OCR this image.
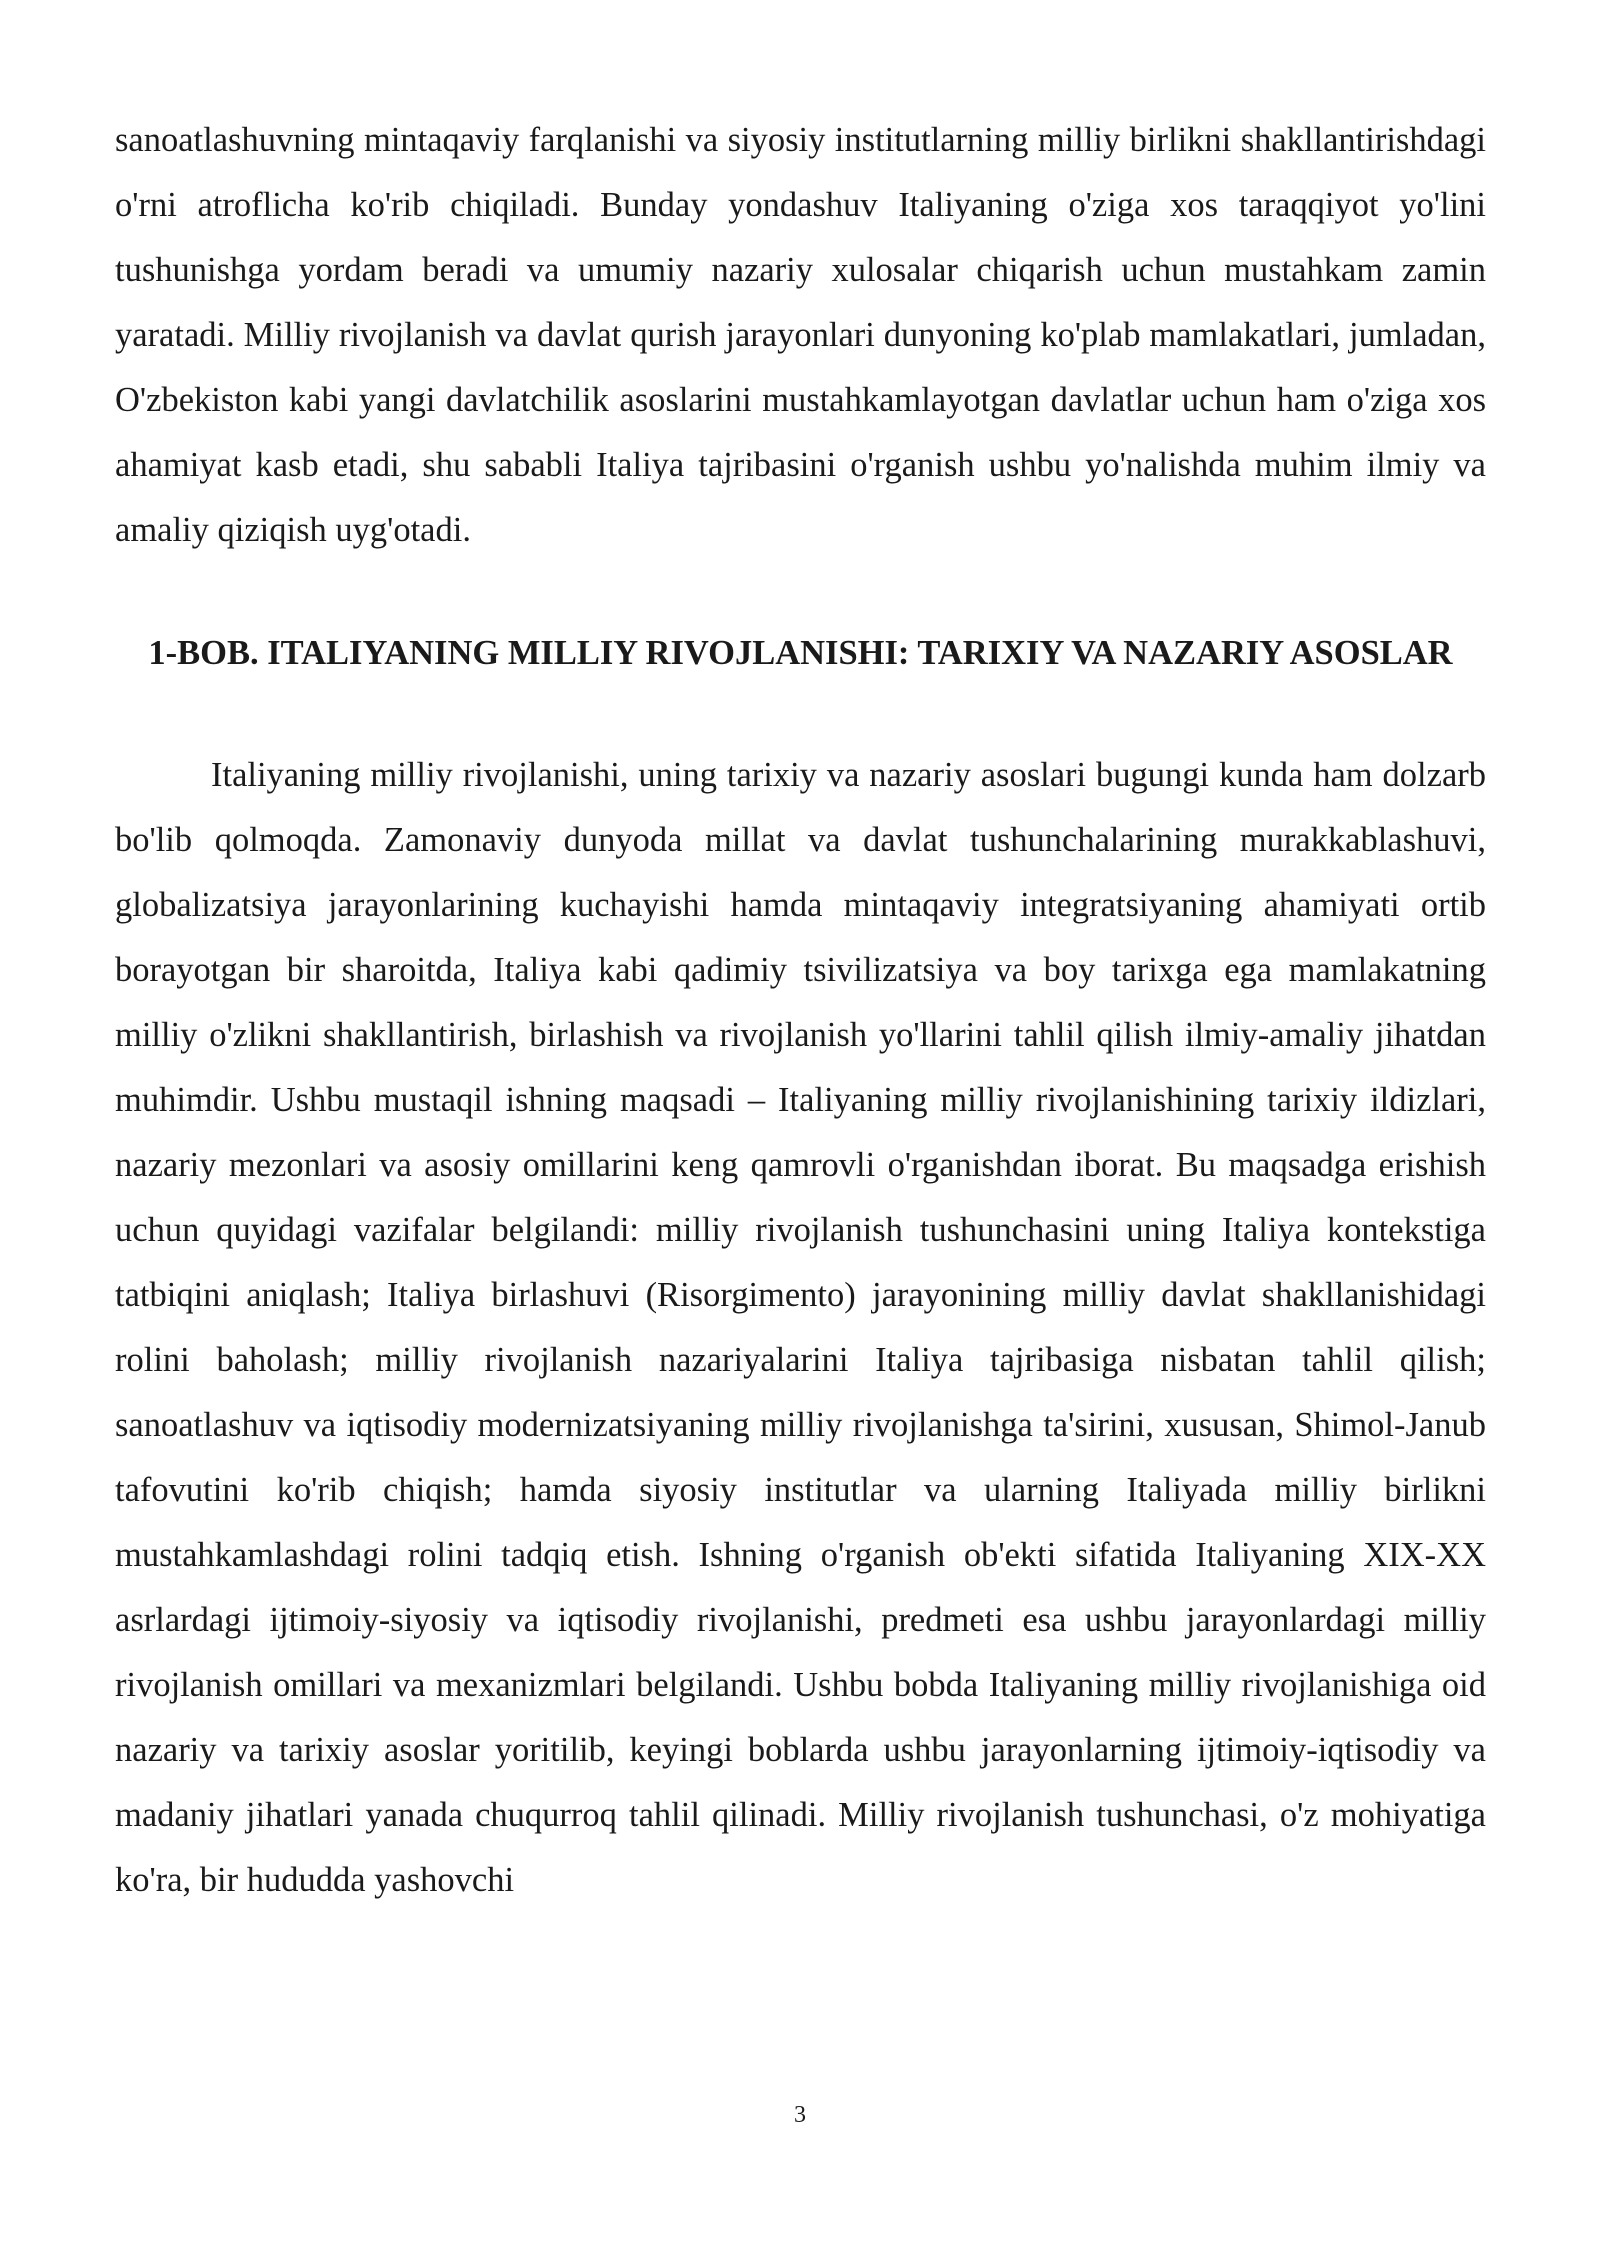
sanoatlashuvning mintaqaviy farqlanishi va siyosiy institutlarning milliy birlikni shakllantirishdagi o'rni atroflicha ko'rib chiqiladi. Bunday yondashuv Italiyaning o'ziga xos taraqqiyot yo'lini tushunishga yordam beradi va umumiy nazariy xulosalar chiqarish uchun mustahkam zamin yaratadi. Milliy rivojlanish va davlat qurish jarayonlari dunyoning ko'plab mamlakatlari, jumladan, O'zbekiston kabi yangi davlatchilik asoslarini mustahkamlayotgan davlatlar uchun ham o'ziga xos ahamiyat kasb etadi, shu sababli Italiya tajribasini o'rganish ushbu yo'nalishda muhim ilmiy va amaliy qiziqish uyg'otadi.

1-BOB. ITALIYANING MILLIY RIVOJLANISHI: TARIXIY VA NAZARIY ASOSLAR

Italiyaning milliy rivojlanishi, uning tarixiy va nazariy asoslari bugungi kunda ham dolzarb bo'lib qolmoqda. Zamonaviy dunyoda millat va davlat tushunchalarining murakkablashuvi, globalizatsiya jarayonlarining kuchayishi hamda mintaqaviy integratsiyaning ahamiyati ortib borayotgan bir sharoitda, Italiya kabi qadimiy tsivilizatsiya va boy tarixga ega mamlakatning milliy o'zlikni shakllantirish, birlashish va rivojlanish yo'llarini tahlil qilish ilmiy-amaliy jihatdan muhimdir. Ushbu mustaqil ishning maqsadi – Italiyaning milliy rivojlanishining tarixiy ildizlari, nazariy mezonlari va asosiy omillarini keng qamrovli o'rganishdan iborat. Bu maqsadga erishish uchun quyidagi vazifalar belgilandi: milliy rivojlanish tushunchasini uning Italiya kontekstiga tatbiqini aniqlash; Italiya birlashuvi (Risorgimento) jarayonining milliy davlat shakllanishidagi rolini baholash; milliy rivojlanish nazariyalarini Italiya tajribasiga nisbatan tahlil qilish; sanoatlashuv va iqtisodiy modernizatsiyaning milliy rivojlanishga ta'sirini, xususan, Shimol-Janub tafovutini ko'rib chiqish; hamda siyosiy institutlar va ularning Italiyada milliy birlikni mustahkamlashdagi rolini tadqiq etish. Ishning o'rganish ob'ekti sifatida Italiyaning XIX-XX asrlardagi ijtimoiy-siyosiy va iqtisodiy rivojlanishi, predmeti esa ushbu jarayonlardagi milliy rivojlanish omillari va mexanizmlari belgilandi. Ushbu bobda Italiyaning milliy rivojlanishiga oid nazariy va tarixiy asoslar yoritilib, keyingi boblarda ushbu jarayonlarning ijtimoiy-iqtisodiy va madaniy jihatlari yanada chuqurroq tahlil qilinadi. Milliy rivojlanish tushunchasi, o'z mohiyatiga ko'ra, bir hududda yashovchi

3
